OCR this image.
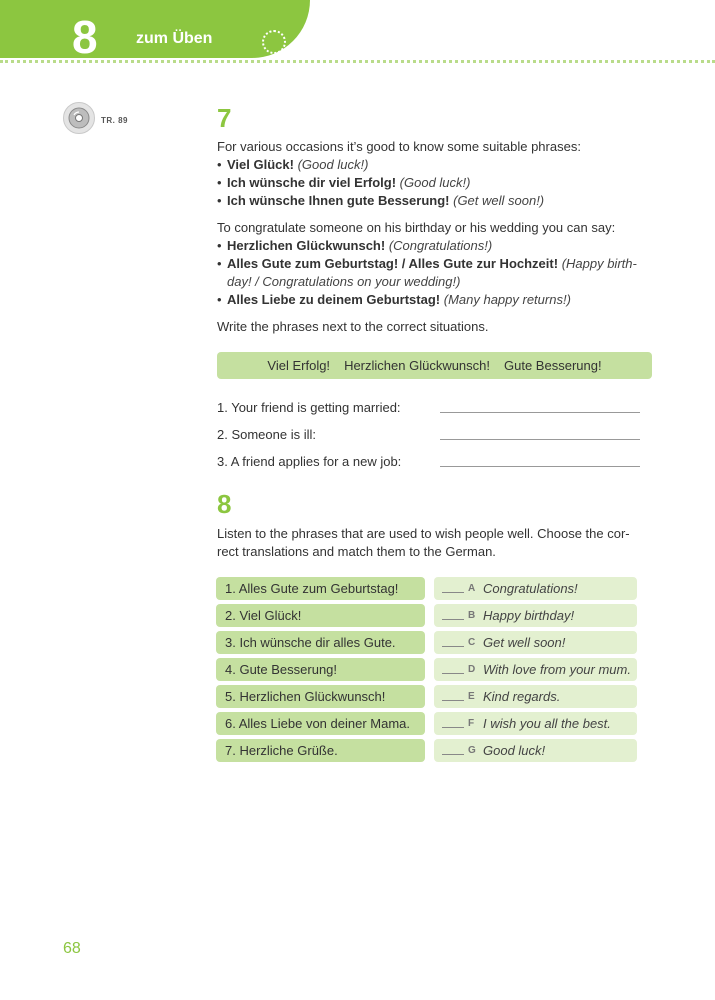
8 zum Üben
TR. 89	7

For various occasions it’s good to know some suitable phrases:

• Viel Glück! (Good luck!)
• Ich wünsche dir viel Erfolg! (Good luck!)
• Ich wünsche Ihnen gute Besserung! (Get well soon!)

To congratulate someone on his birthday or his wedding you can say:

• Herzlichen Glückwunsch! (Congratulations!)
• Alles Gute zum Geburtstag! / Alles Gute zur Hochzeit! (Happy birth-
day! / Congratulations on your wedding!)
• Alles Liebe zu deinem Geburtstag! (Many happy returns!)

Write the phrases next to the correct situations.

Viel Erfolg! Herzlichen Glückwunsch! Gute Besserung!
1. Your friend is getting married:
2. Someone is ill:
3. A friend applies for a new job:
8

Listen to the phrases that are used to wish people well. Choose the cor-

rect translations and match them to the German.

1. Alles Gute zum Geburtstag!
2. Viel Glück!
3. Ich wünsche dir alles Gute.
4. Gute Besserung!
5. Herzlichen Glückwunsch!
6. Alles Liebe von deiner Mama.
7. Herzliche Grüße.
A Congratulations!
B Happy birthday!
C Get well soon!
D With love from your mum.
E Kind regards.
F I wish you all the best.
G Good luck!
68
